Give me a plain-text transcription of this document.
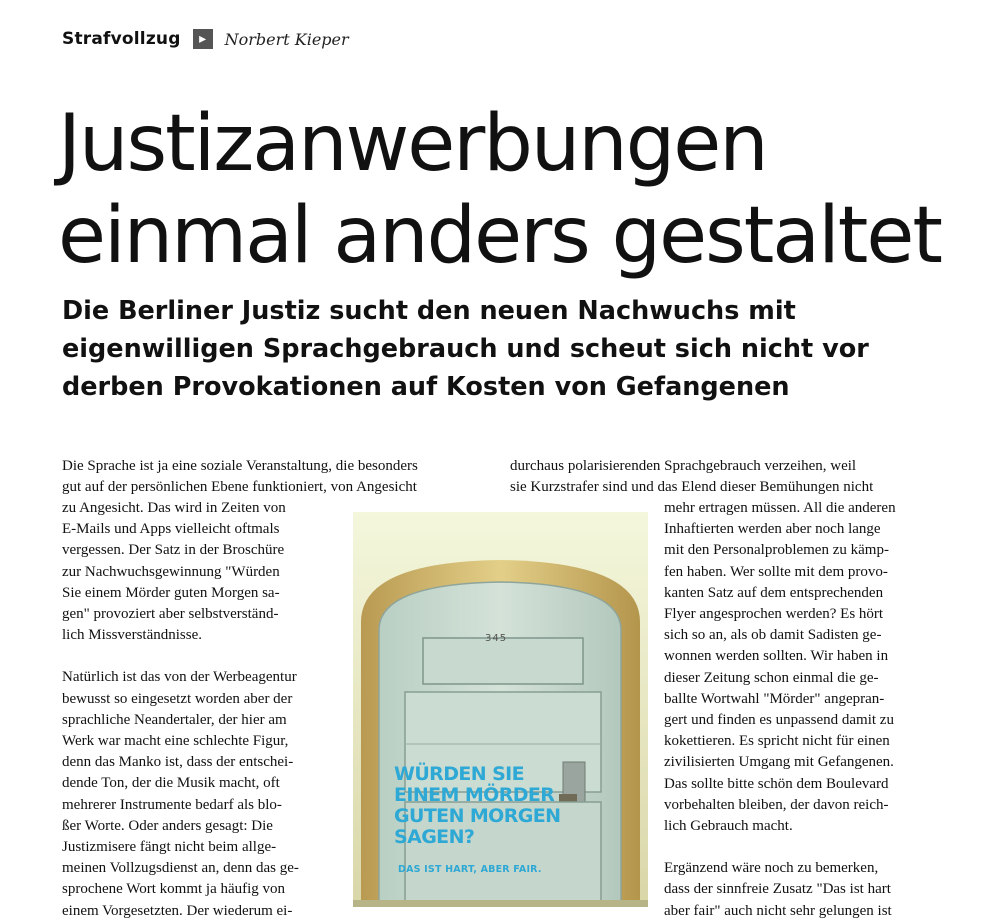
Strafvollzug	▸	Norbert Kieper
Justizanwerbungen
einmal anders gestaltet
Die Berliner Justiz sucht den neuen Nachwuchs mit
eigenwilligen Sprachgebrauch und scheut sich nicht vor
derben Provokationen auf Kosten von Gefangenen
Die Sprache ist ja eine soziale Veranstaltung, die besonders
gut auf der persönlichen Ebene funktioniert, von Angesicht

zu Angesicht. Das wird in Zeiten von
E-Mails und Apps vielleicht oftmals
vergessen. Der Satz in der Broschüre
zur Nachwuchsgewinnung "Würden
Sie einem Mörder guten Morgen sa-
gen" provoziert aber selbstverständ-
lich Missverständnisse.

Natürlich ist das von der Werbeagentur
bewusst so eingesetzt worden aber der
sprachliche Neandertaler, der hier am
Werk war macht eine schlechte Figur,
denn das Manko ist, dass der entschei-
dende Ton, der die Musik macht, oft
mehrerer Instrumente bedarf als blo-
ßer Worte. Oder anders gesagt: Die
Justizmisere fängt nicht beim allge-
meinen Vollzugsdienst an, denn das ge-
sprochene Wort kommt ja häufig von
einem Vorgesetzten. Der wiederum ei-

durchaus polarisierenden Sprachgebrauch verzeihen, weil
sie Kurzstrafer sind und das Elend dieser Bemühungen nicht

mehr ertragen müssen. All die anderen
Inhaftierten werden aber noch lange
mit den Personalproblemen zu kämp-
fen haben. Wer sollte mit dem provo-
kanten Satz auf dem entsprechenden
Flyer angesprochen werden? Es hört
sich so an, als ob damit Sadisten ge-
wonnen werden sollten. Wir haben in
dieser Zeitung schon einmal die ge-
ballte Wortwahl "Mörder" angepran-
gert und finden es unpassend damit zu
kokettieren. Es spricht nicht für einen
zivilisierten Umgang mit Gefangenen.
Das sollte bitte schön dem Boulevard
vorbehalten bleiben, der davon reich-
lich Gebrauch macht.

Ergänzend wäre noch zu bemerken,
dass der sinnfreie Zusatz "Das ist hart
aber fair" auch nicht sehr gelungen ist

345
WÜRDEN SIE
EINEM MÖRDER
GUTEN MORGEN
SAGEN?
DAS IST HART, ABER FAIR.
